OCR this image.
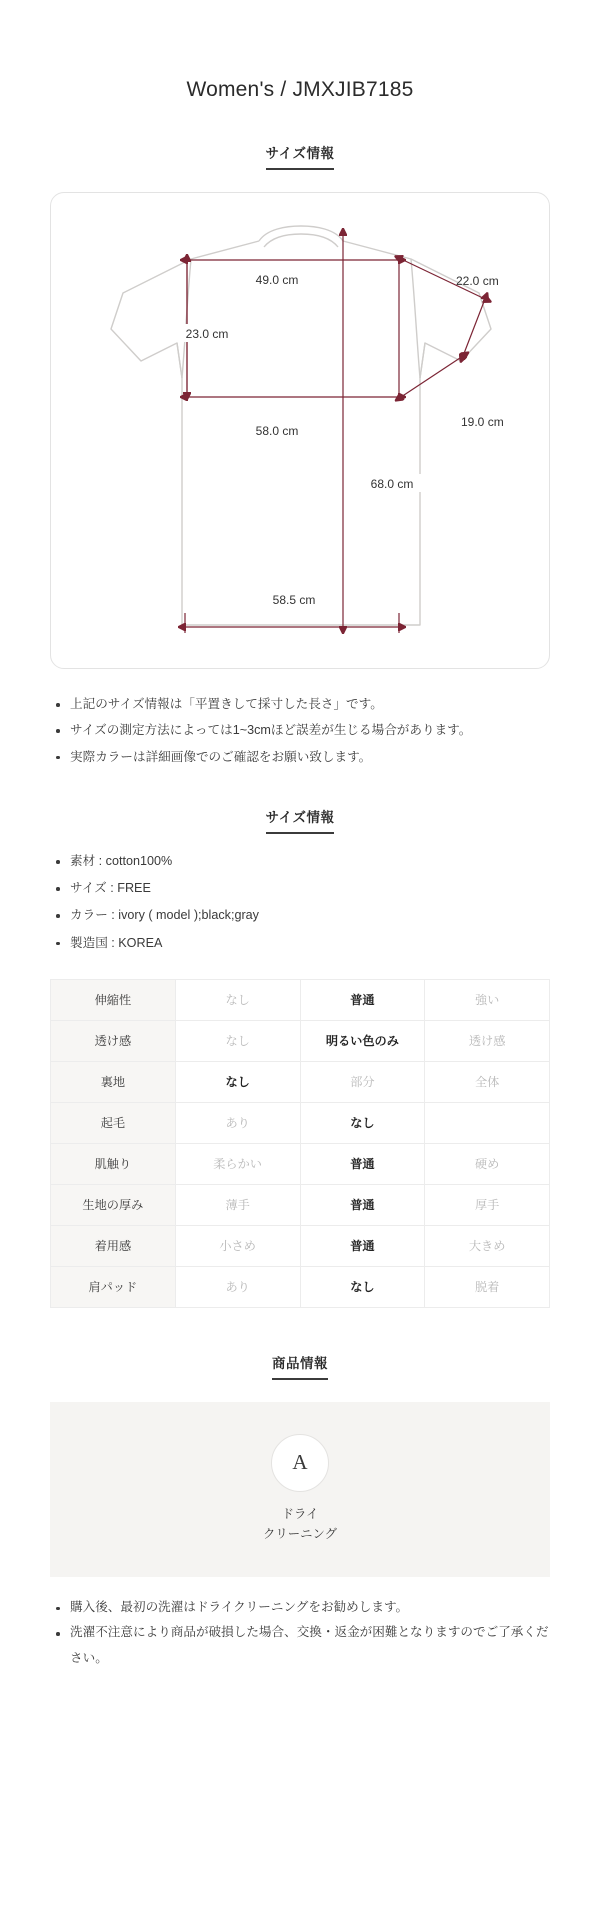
Women's / JMXJIB7185
サイズ情報
49.0 cm	22.0 cm
19.0 cm
23.0 cm
58.0 cm
68.0 cm
58.5 cm
上記のサイズ情報は「平置きして採寸した長さ」です。
サイズの測定方法によっては1~3cmほど誤差が生じる場合があります。
実際カラーは詳細画像でのご確認をお願い致します。
サイズ情報
素材 : cotton100%
サイズ : FREE
カラー : ivory ( model );black;gray
製造国 : KOREA
伸縮性	なし	普通	強い
透け感	なし	明るい色のみ	透け感
裏地	なし	部分	全体
起毛	あり	なし	
肌触り	柔らかい	普通	硬め
生地の厚み	薄手	普通	厚手
着用感	小さめ	普通	大きめ
肩パッド	あり	なし	脱着
商品情報
A
ドライ
クリーニング
購入後、最初の洗濯はドライクリーニングをお勧めします。
洗濯不注意により商品が破損した場合、交換・返金が困難となりますのでご了承ください。
